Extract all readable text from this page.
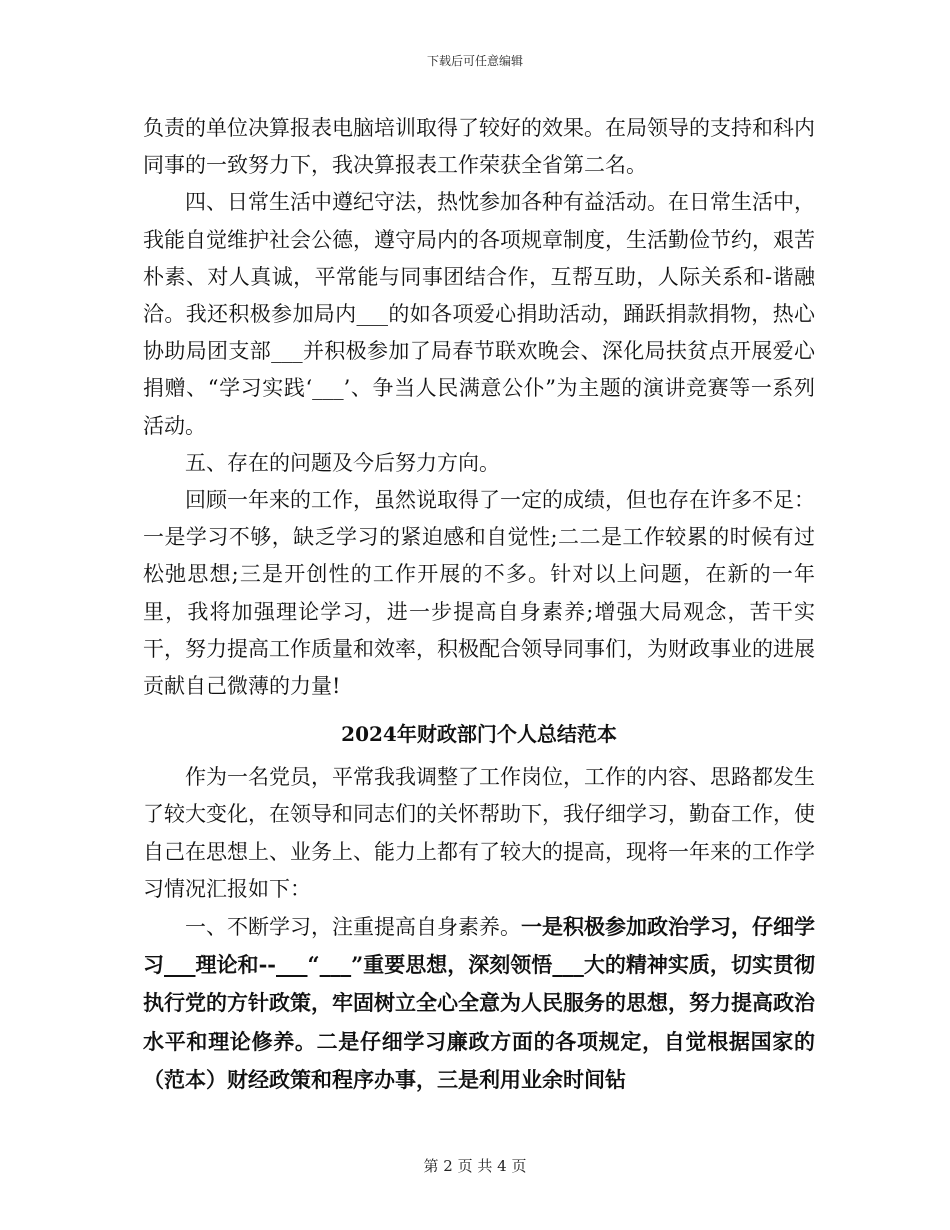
下载后可任意编辑

负责的单位决算报表电脑培训取得了较好的效果。在局领导的支持和科内同事的一致努力下，我决算报表工作荣获全省第二名。

四、日常生活中遵纪守法，热忱参加各种有益活动。在日常生活中，我能自觉维护社会公德，遵守局内的各项规章制度，生活勤俭节约，艰苦朴素、对人真诚，平常能与同事团结合作，互帮互助，人际关系和-谐融洽。我还积极参加局内___的如各项爱心捐助活动，踊跃捐款捐物，热心协助局团支部___并积极参加了局春节联欢晚会、深化局扶贫点开展爱心捐赠、“学习实践‘___’、争当人民满意公仆”为主题的演讲竞赛等一系列活动。

五、存在的问题及今后努力方向。

回顾一年来的工作，虽然说取得了一定的成绩，但也存在许多不足：一是学习不够，缺乏学习的紧迫感和自觉性;二二是工作较累的时候有过松弛思想;三是开创性的工作开展的不多。针对以上问题，在新的一年里，我将加强理论学习，进一步提高自身素养;增强大局观念，苦干实干，努力提高工作质量和效率，积极配合领导同事们，为财政事业的进展贡献自己微薄的力量!

2024年财政部门个人总结范本

作为一名党员，平常我我调整了工作岗位，工作的内容、思路都发生了较大变化，在领导和同志们的关怀帮助下，我仔细学习，勤奋工作，使自己在思想上、业务上、能力上都有了较大的提高，现将一年来的工作学习情况汇报如下：

一、不断学习，注重提高自身素养。一是积极参加政治学习，仔细学习___理论和--___“___”重要思想，深刻领悟___大的精神实质，切实贯彻执行党的方针政策，牢固树立全心全意为人民服务的思想，努力提高政治水平和理论修养。二是仔细学习廉政方面的各项规定，自觉根据国家的（范本）财经政策和程序办事，三是利用业余时间钻

第 2 页 共 4 页
